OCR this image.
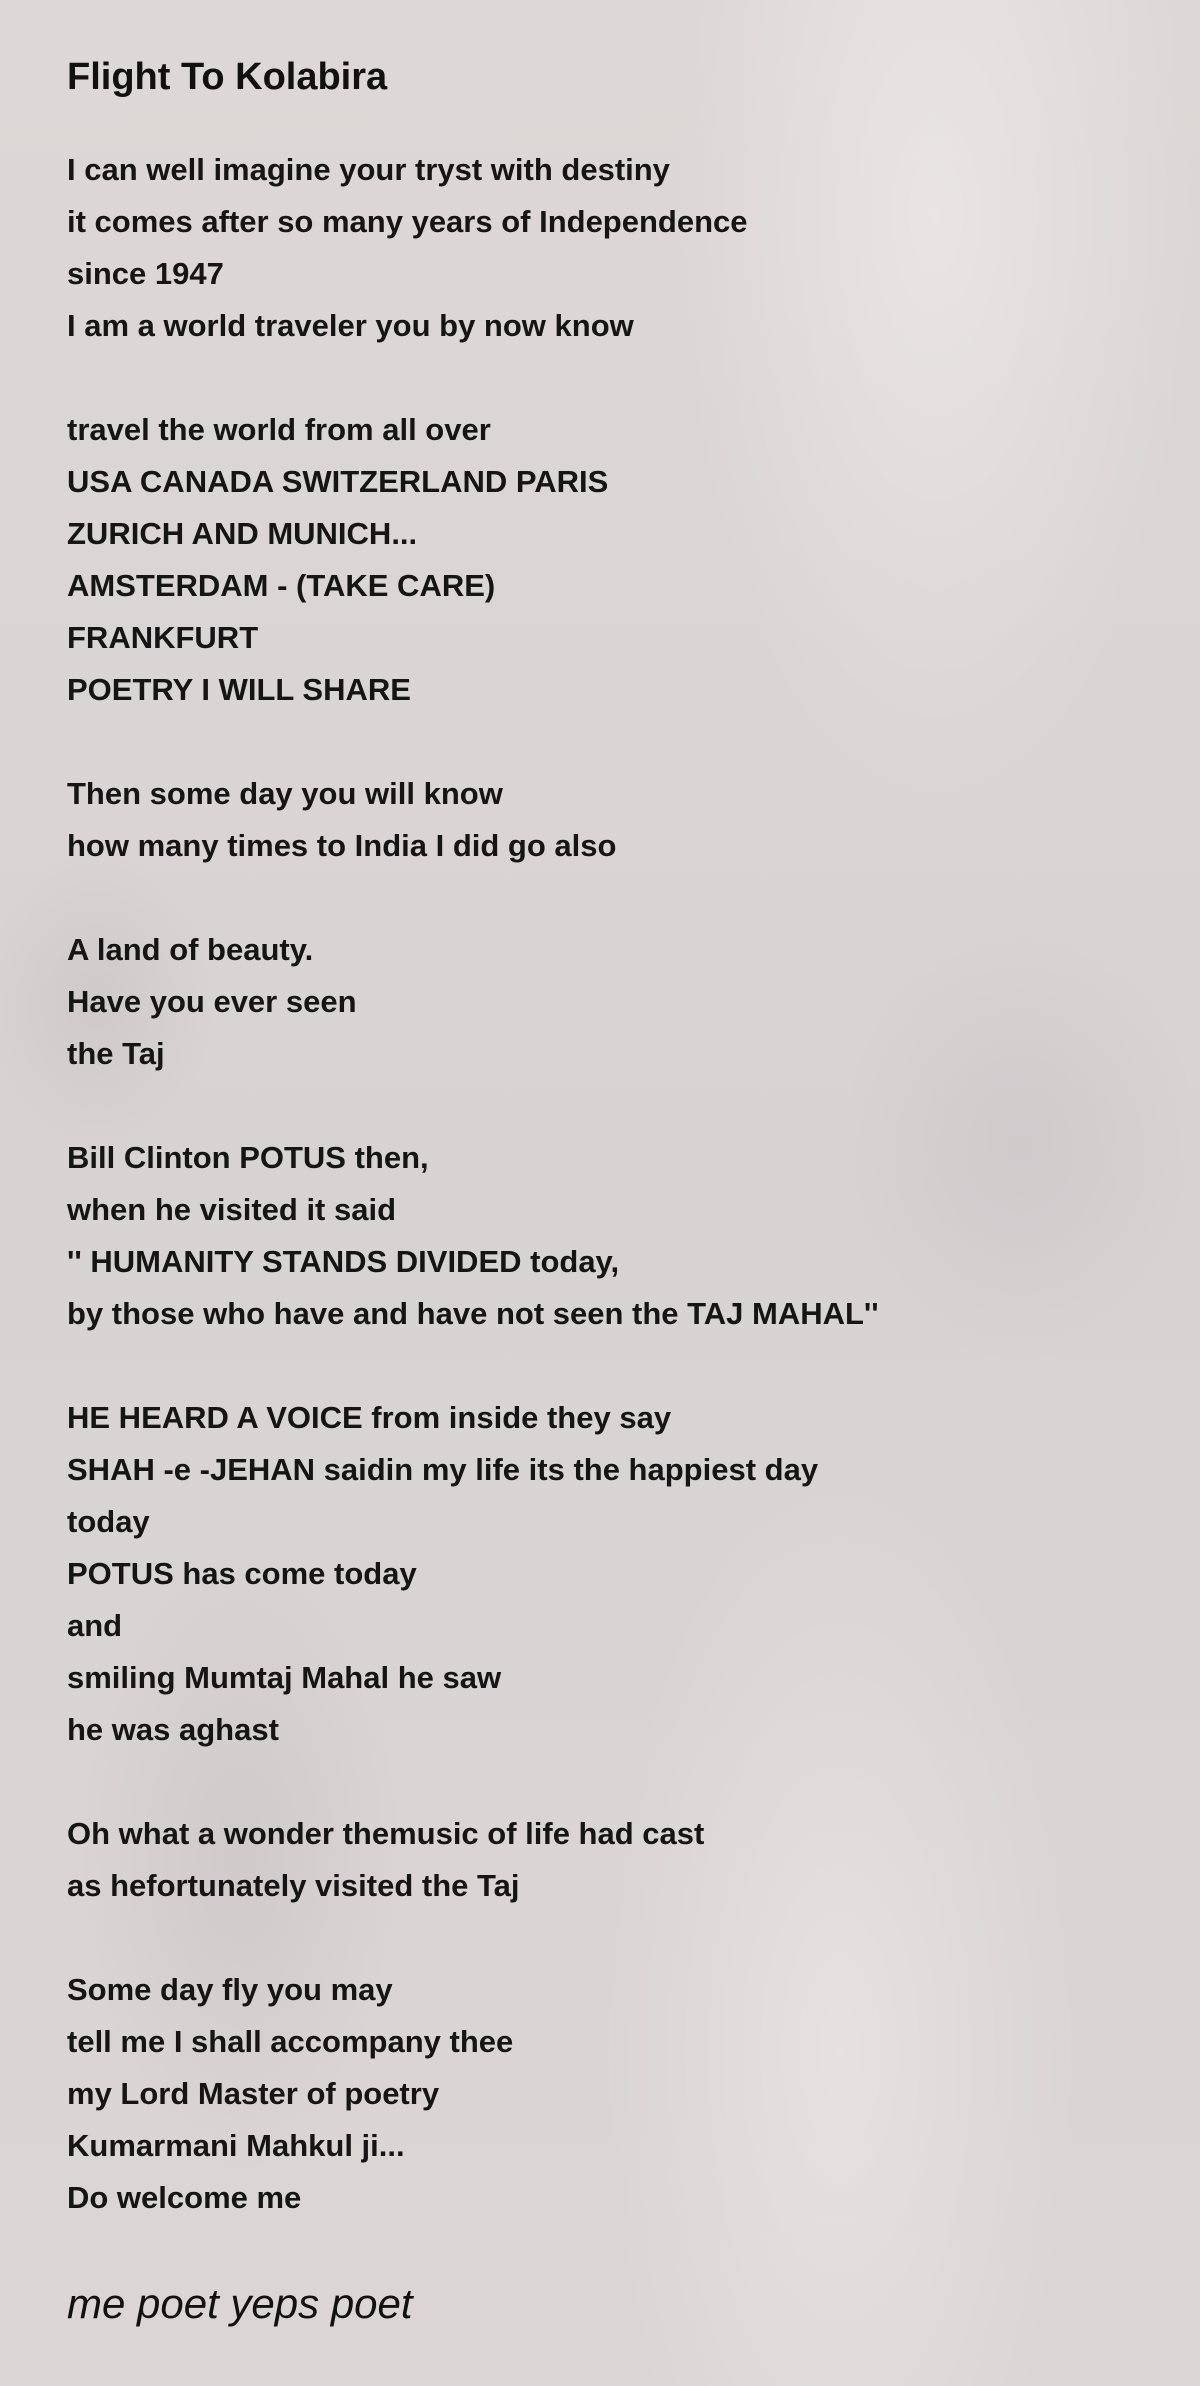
Flight To Kolabira
I can well imagine your tryst with destiny
it comes after so many years of Independence
since 1947
I am a world traveler you by now know
travel the world from all over
USA CANADA SWITZERLAND PARIS
ZURICH AND MUNICH...
AMSTERDAM - (TAKE CARE)
FRANKFURT
POETRY I WILL SHARE
Then some day you will know
how many times to India I did go also
A land of beauty.
Have you ever seen
the Taj
Bill Clinton POTUS then,
when he visited it said
'' HUMANITY STANDS DIVIDED today,
by those who have and have not seen the TAJ MAHAL''
HE HEARD A VOICE from inside they say
SHAH -e -JEHAN saidin my life its the happiest day
today
POTUS has come today
and
smiling Mumtaj Mahal he saw
he was aghast
Oh what a wonder themusic of life had cast
as hefortunately visited the Taj
Some day fly you may
tell me I shall accompany thee
my Lord Master of poetry
Kumarmani Mahkul ji...
Do welcome me
me poet yeps poet
